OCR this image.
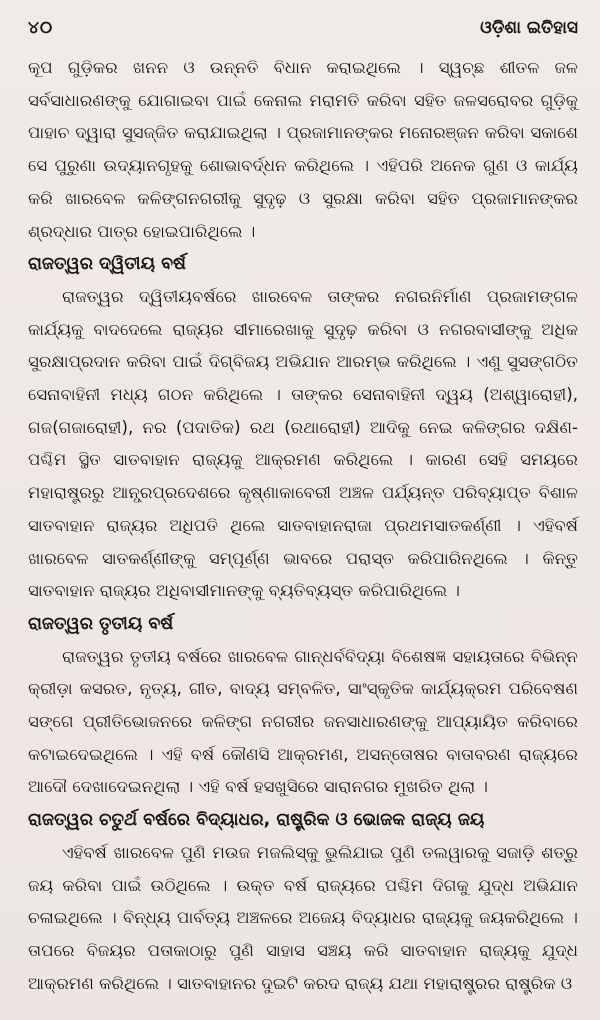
୪୦	ଓଡ଼ିଶା ଇତିହାସ

କୂପ ଗୁଡ଼ିକର ଖନନ ଓ ଉନ୍ନତି ବିଧାନ କରାଇଥିଲେ । ସ୍ୱଚ୍ଛ ଶୀତଳ ଜଳ ସର୍ବସାଧାରଣଙ୍କୁ ଯୋଗାଇବା ପାଇଁ କେନାଲ ମରାମତି କରିବା ସହିତ ଜଳସରୋବର ଗୁଡ଼ିକୁ ପାହାଚ ଦ୍ୱାରା ସୁସଜ୍ଜିତ କରାଯାଇଥିଲା । ପ୍ରଜାମାନଙ୍କର ମନୋରଞ୍ଜନ କରିବା ସକାଶେ ସେ ପୁରୁଣା ଉଦ୍ୟାନଗୃହକୁ ଶୋଭାବର୍ଦ୍ଧନ କରିଥିଲେ । ଏହିପରି ଅନେକ ଗୁଣ ଓ କାର୍ଯ୍ୟ କରି ଖାରବେଳ କଳିଙ୍ଗନଗରୀକୁ ସୁଦୃଢ଼ ଓ ସୁରକ୍ଷା କରିବା ସହିତ ପ୍ରଜାମାନଙ୍କର ଶ୍ରଦ୍ଧାର ପାତ୍ର ହୋଇପାରିଥିଲେ ।

ରାଜତ୍ୱର ଦ୍ୱିତୀୟ ବର୍ଷ

ରାଜତ୍ୱର ଦ୍ୱିତୀୟବର୍ଷରେ ଖାରବେଳ ତାଙ୍କର ନଗରନିର୍ମାଣ ପ୍ରଜାମଙ୍ଗଳ କାର୍ଯ୍ୟକୁ ବାଦଦେଲେ ରାଜ୍ୟର ସୀମାରେଖାକୁ ସୁଦୃଢ଼ କରିବା ଓ ନଗରବାସୀଙ୍କୁ ଅଧିକ ସୁରକ୍ଷାପ୍ରଦାନ କରିବା ପାଇଁ ଦିଗ୍‌ବିଜୟ ଅଭିଯାନ ଆରମ୍ଭ କରିଥିଲେ । ଏଣୁ ସୁସଙ୍ଗଠିତ ସେନାବାହିନୀ ମଧ୍ୟ ଗଠନ କରିଥିଲେ । ତାଙ୍କର ସେନାବାହିନୀ ଦ୍ୱୟ (ଅଶ୍ୱାରୋହୀ), ଗଜ(ଗଜାରୋହୀ), ନର (ପଦାତିକ) ରଥ (ରଥାରୋହୀ) ଆଦିକୁ ନେଇ କଳିଙ୍ଗର ଦକ୍ଷିଣ-ପଶ୍ଚିମ ସ୍ଥିତ ସାତବାହାନ ରାଜ୍ୟକୁ ଆକ୍ରମଣ କରିଥିଲେ । କାରଣ ସେହି ସମୟରେ ମହାରାଷ୍ଟ୍ରରୁ ଆନ୍ଧ୍ରପ୍ରଦେଶରେ କୃଷ୍ଣାକାବେରୀ ଅଞ୍ଚଳ ପର୍ଯ୍ୟନ୍ତ ପରିବ୍ୟାପ୍ତ ବିଶାଳ ସାତବାହାନ ରାଜ୍ୟର ଅଧିପତି ଥିଲେ ସାତବାହାନରାଜା ପ୍ରଥମସାତକର୍ଣ୍ଣୀ । ଏହିବର୍ଷ ଖାରବେଳ ସାତକର୍ଣ୍ଣୀଙ୍କୁ ସମ୍ପୂର୍ଣ୍ଣ ଭାବରେ ପରାସ୍ତ କରିପାରିନଥିଲେ । କିନ୍ତୁ ସାତବାହାନ ରାଜ୍ୟର ଅଧିବାସୀମାନଙ୍କୁ ବ୍ୟତିବ୍ୟସ୍ତ କରିପାରିଥିଲେ ।

ରାଜତ୍ୱର ତୃତୀୟ ବର୍ଷ

ରାଜତ୍ୱର ତୃତୀୟ ବର୍ଷରେ ଖାରବେଳ ଗାନ୍ଧର୍ବବିଦ୍ୟା ବିଶେଷଜ୍ଞ ସହାୟତାରେ ବିଭିନ୍ନ କ୍ରୀଡ଼ା କସରତ, ନୃତ୍ୟ, ଗୀତ, ବାଦ୍ୟ ସମ୍ବଳିତ, ସାଂସ୍କୃତିକ କାର୍ଯ୍ୟକ୍ରମ ପରିବେଷଣ ସଙ୍ଗେ ପ୍ରୀତିଭୋଜନରେ କଳିଙ୍ଗ ନଗରୀର ଜନସାଧାରଣଙ୍କୁ ଆପ୍ୟାୟିତ କରିବାରେ କଟାଇଦେଇଥିଲେ । ଏହି ବର୍ଷ କୌଣସି ଆକ୍ରମଣ, ଅସନ୍ତୋଷର ବାତାବରଣ ରାଜ୍ୟରେ ଆଦୌ ଦେଖାଦେଇନଥିଲା । ଏହି ବର୍ଷ ହସଖୁସିରେ ସାରାନଗର ମୁଖରିତ ଥିଲା ।

ରାଜତ୍ୱର ଚତୁର୍ଥ ବର୍ଷରେ ବିଦ୍ୟାଧର, ରାଷ୍ଟ୍ରିକ ଓ ଭୋଜକ ରାଜ୍ୟ ଜୟ

ଏହିବର୍ଷ ଖାରବେଳ ପୁଣି ମଉଜ ମଜଲିସ୍‌କୁ ଭୁଲିଯାଇ ପୁଣି ତଲୱାରକୁ ସଜାଡ଼ି ଶତ୍ରୁ ଜୟ କରିବା ପାଇଁ ଉଠିଥିଲେ । ଉକ୍ତ ବର୍ଷ ରାଜ୍ୟରେ ପଶ୍ଚିମ ଦିଗକୁ ଯୁଦ୍ଧ ଅଭିଯାନ ଚଳାଇଥିଲେ । ବିନ୍ଧ୍ୟ ପାର୍ବତ୍ୟ ଅଞ୍ଚଳରେ ଅଜେୟ ବିଦ୍ୟାଧର ରାଜ୍ୟକୁ ଜୟକରିଥିଲେ । ତାପରେ ବିଜୟର ପତାକାଠାରୁ ପୁଣି ସାହାସ ସଞ୍ଚୟ କରି ସାତବାହାନ ରାଜ୍ୟକୁ ଯୁଦ୍ଧ ଆକ୍ରମଣ କରିଥିଲେ । ସାତବାହାନର ଦୁଇଟି କରଦ ରାଜ୍ୟ ଯଥା ମହାରାଷ୍ଟ୍ରର ରାଷ୍ଟ୍ରିକ ଓ
